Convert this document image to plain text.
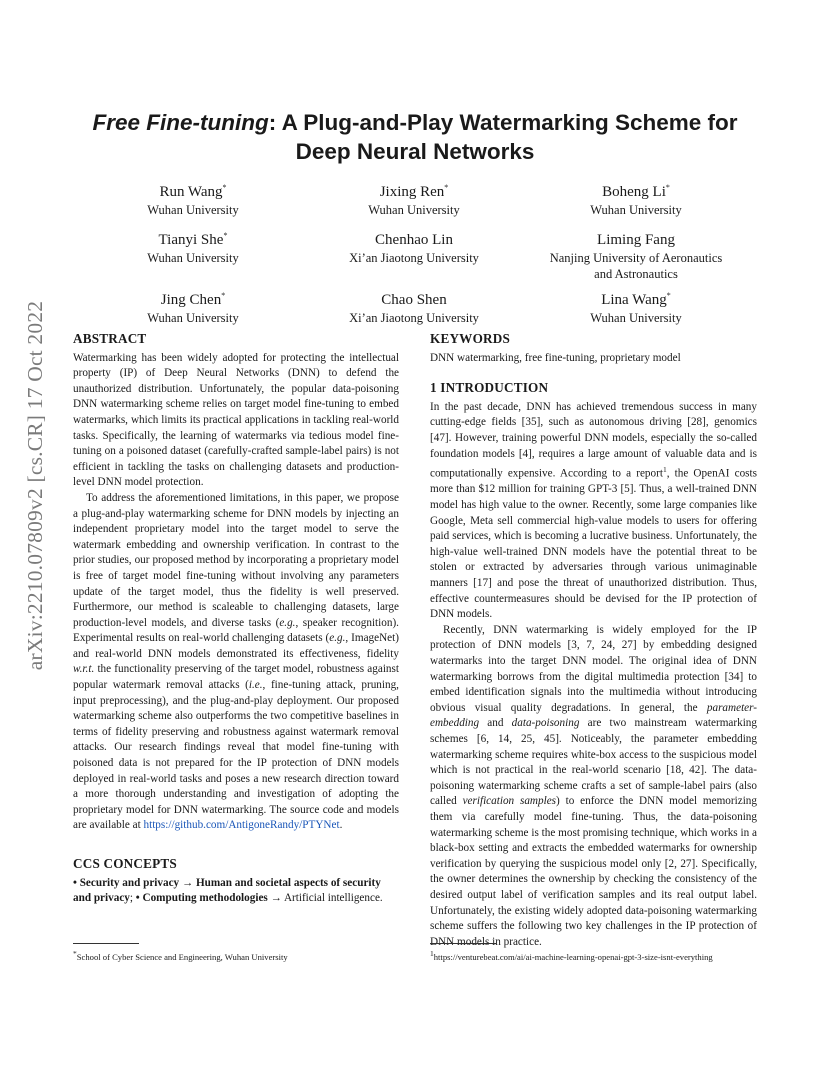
arXiv:2210.07809v2 [cs.CR] 17 Oct 2022
Free Fine-tuning: A Plug-and-Play Watermarking Scheme for
Deep Neural Networks
Run Wang*
Wuhan University
Jixing Ren*
Wuhan University
Boheng Li*
Wuhan University
Tianyi She*
Wuhan University
Chenhao Lin
Xi’an Jiaotong University
Liming Fang
Nanjing University of Aeronautics
and Astronautics
Jing Chen*
Wuhan University
Chao Shen
Xi’an Jiaotong University
Lina Wang*
Wuhan University
ABSTRACT

Watermarking has been widely adopted for protecting the intellectual property (IP) of Deep Neural Networks (DNN) to defend the unauthorized distribution. Unfortunately, the popular data-poisoning DNN watermarking scheme relies on target model fine-tuning to embed watermarks, which limits its practical applications in tackling real-world tasks. Specifically, the learning of watermarks via tedious model fine-tuning on a poisoned dataset (carefully-crafted sample-label pairs) is not efficient in tackling the tasks on challenging datasets and production-level DNN model protection.

To address the aforementioned limitations, in this paper, we propose a plug-and-play watermarking scheme for DNN models by injecting an independent proprietary model into the target model to serve the watermark embedding and ownership verification. In contrast to the prior studies, our proposed method by incorporating a proprietary model is free of target model fine-tuning without involving any parameters update of the target model, thus the fidelity is well preserved. Furthermore, our method is scaleable to challenging datasets, large production-level models, and diverse tasks (e.g., speaker recognition). Experimental results on real-world challenging datasets (e.g., ImageNet) and real-world DNN models demonstrated its effectiveness, fidelity w.r.t. the functionality preserving of the target model, robustness against popular watermark removal attacks (i.e., fine-tuning attack, pruning, input preprocessing), and the plug-and-play deployment. Our proposed watermarking scheme also outperforms the two competitive baselines in terms of fidelity preserving and robustness against watermark removal attacks. Our research findings reveal that model fine-tuning with poisoned data is not prepared for the IP protection of DNN models deployed in real-world tasks and poses a new research direction toward a more thorough understanding and investigation of adopting the proprietary model for DNN watermarking. The source code and models are available at https://github.com/AntigoneRandy/PTYNet.

CCS CONCEPTS

• Security and privacy → Human and societal aspects of security and privacy; • Computing methodologies → Artificial intelligence.

KEYWORDS

DNN watermarking, free fine-tuning, proprietary model

1 INTRODUCTION

In the past decade, DNN has achieved tremendous success in many cutting-edge fields [35], such as autonomous driving [28], genomics [47]. However, training powerful DNN models, especially the so-called foundation models [4], requires a large amount of valuable data and is computationally expensive. According to a report$^1$, the OpenAI costs more than $12 million for training GPT-3 [5]. Thus, a well-trained DNN model has high value to the owner. Recently, some large companies like Google, Meta sell commercial high-value models to users for offering paid services, which is becoming a lucrative business. Unfortunately, the high-value well-trained DNN models have the potential threat to be stolen or extracted by adversaries through various unimaginable manners [17] and pose the threat of unauthorized distribution. Thus, effective countermeasures should be devised for the IP protection of DNN models.

Recently, DNN watermarking is widely employed for the IP protection of DNN models [3, 7, 24, 27] by embedding designed watermarks into the target DNN model. The original idea of DNN watermarking borrows from the digital multimedia protection [34] to embed identification signals into the multimedia without introducing obvious visual quality degradations. In general, the parameter-embedding and data-poisoning are two mainstream watermarking schemes [6, 14, 25, 45]. Noticeably, the parameter embedding watermarking scheme requires white-box access to the suspicious model which is not practical in the real-world scenario [18, 42]. The data-poisoning watermarking scheme crafts a set of sample-label pairs (also called verification samples) to enforce the DNN model memorizing them via carefully model fine-tuning. Thus, the data-poisoning watermarking scheme is the most promising technique, which works in a black-box setting and extracts the embedded watermarks for ownership verification by querying the suspicious model only [2, 27]. Specifically, the owner determines the ownership by checking the consistency of the desired output label of verification samples and its real output label. Unfortunately, the existing widely adopted data-poisoning watermarking scheme suffers the following two key challenges in the IP protection of DNN models in practice.

*School of Cyber Science and Engineering, Wuhan University	$^1$https://venturebeat.com/ai/ai-machine-learning-openai-gpt-3-size-isnt-everything
